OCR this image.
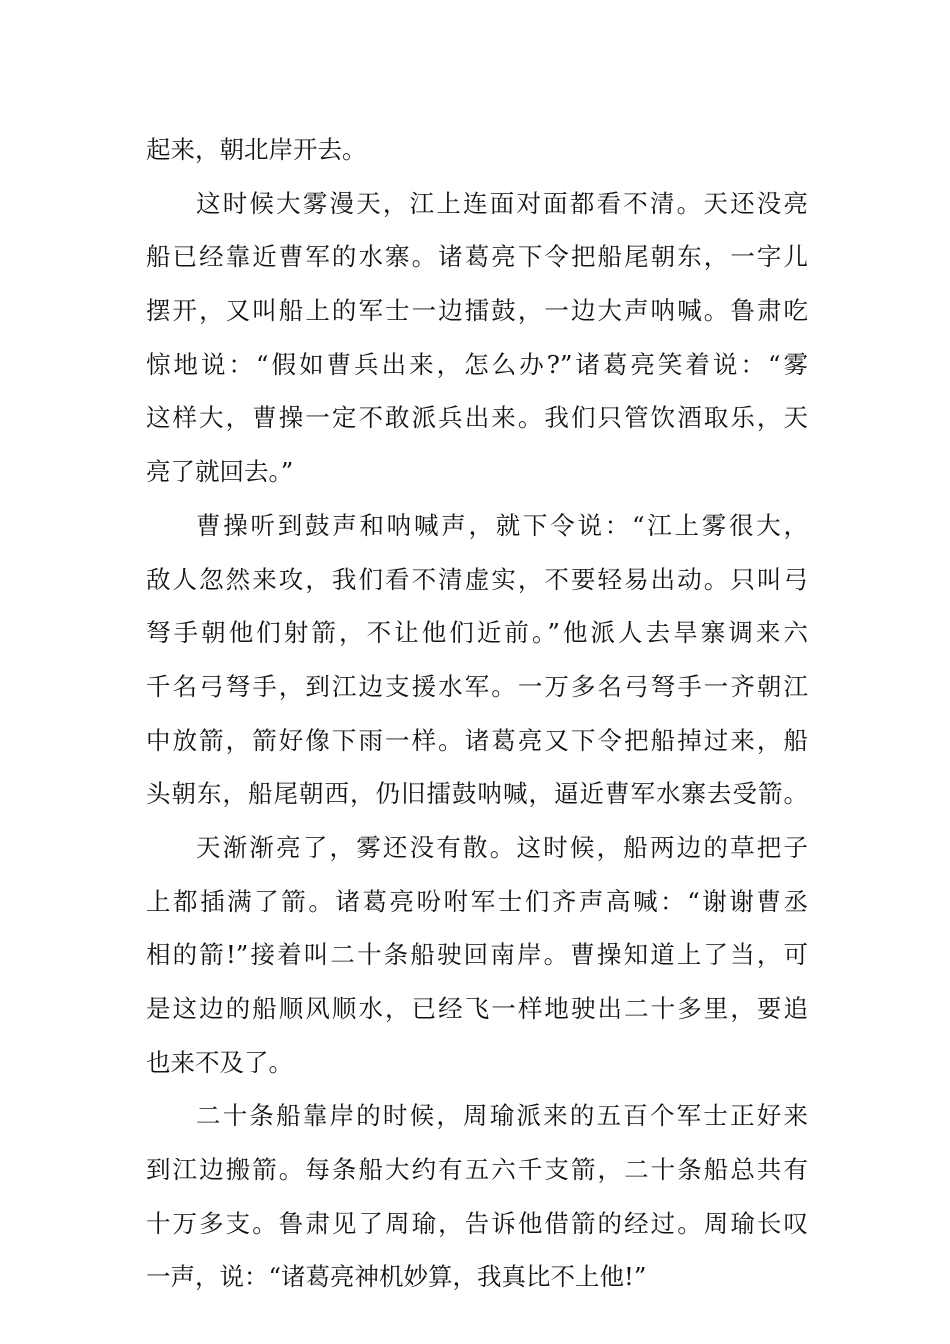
起来，朝北岸开去。
这时候大雾漫天，江上连面对面都看不清。天还没亮
船已经靠近曹军的水寨。诸葛亮下令把船尾朝东，一字儿
摆开，又叫船上的军士一边擂鼓，一边大声呐喊。鲁肃吃
惊地说：“假如曹兵出来，怎么办?”诸葛亮笑着说：“雾
这样大，曹操一定不敢派兵出来。我们只管饮酒取乐，天
亮了就回去。”
曹操听到鼓声和呐喊声，就下令说：“江上雾很大，
敌人忽然来攻，我们看不清虚实，不要轻易出动。只叫弓
弩手朝他们射箭，不让他们近前。”他派人去旱寨调来六
千名弓弩手，到江边支援水军。一万多名弓弩手一齐朝江
中放箭，箭好像下雨一样。诸葛亮又下令把船掉过来，船
头朝东，船尾朝西，仍旧擂鼓呐喊，逼近曹军水寨去受箭。
天渐渐亮了，雾还没有散。这时候，船两边的草把子
上都插满了箭。诸葛亮吩咐军士们齐声高喊：“谢谢曹丞
相的箭!”接着叫二十条船驶回南岸。曹操知道上了当，可
是这边的船顺风顺水，已经飞一样地驶出二十多里，要追
也来不及了。
二十条船靠岸的时候，周瑜派来的五百个军士正好来
到江边搬箭。每条船大约有五六千支箭，二十条船总共有
十万多支。鲁肃见了周瑜，告诉他借箭的经过。周瑜长叹
一声，说：“诸葛亮神机妙算，我真比不上他!”
